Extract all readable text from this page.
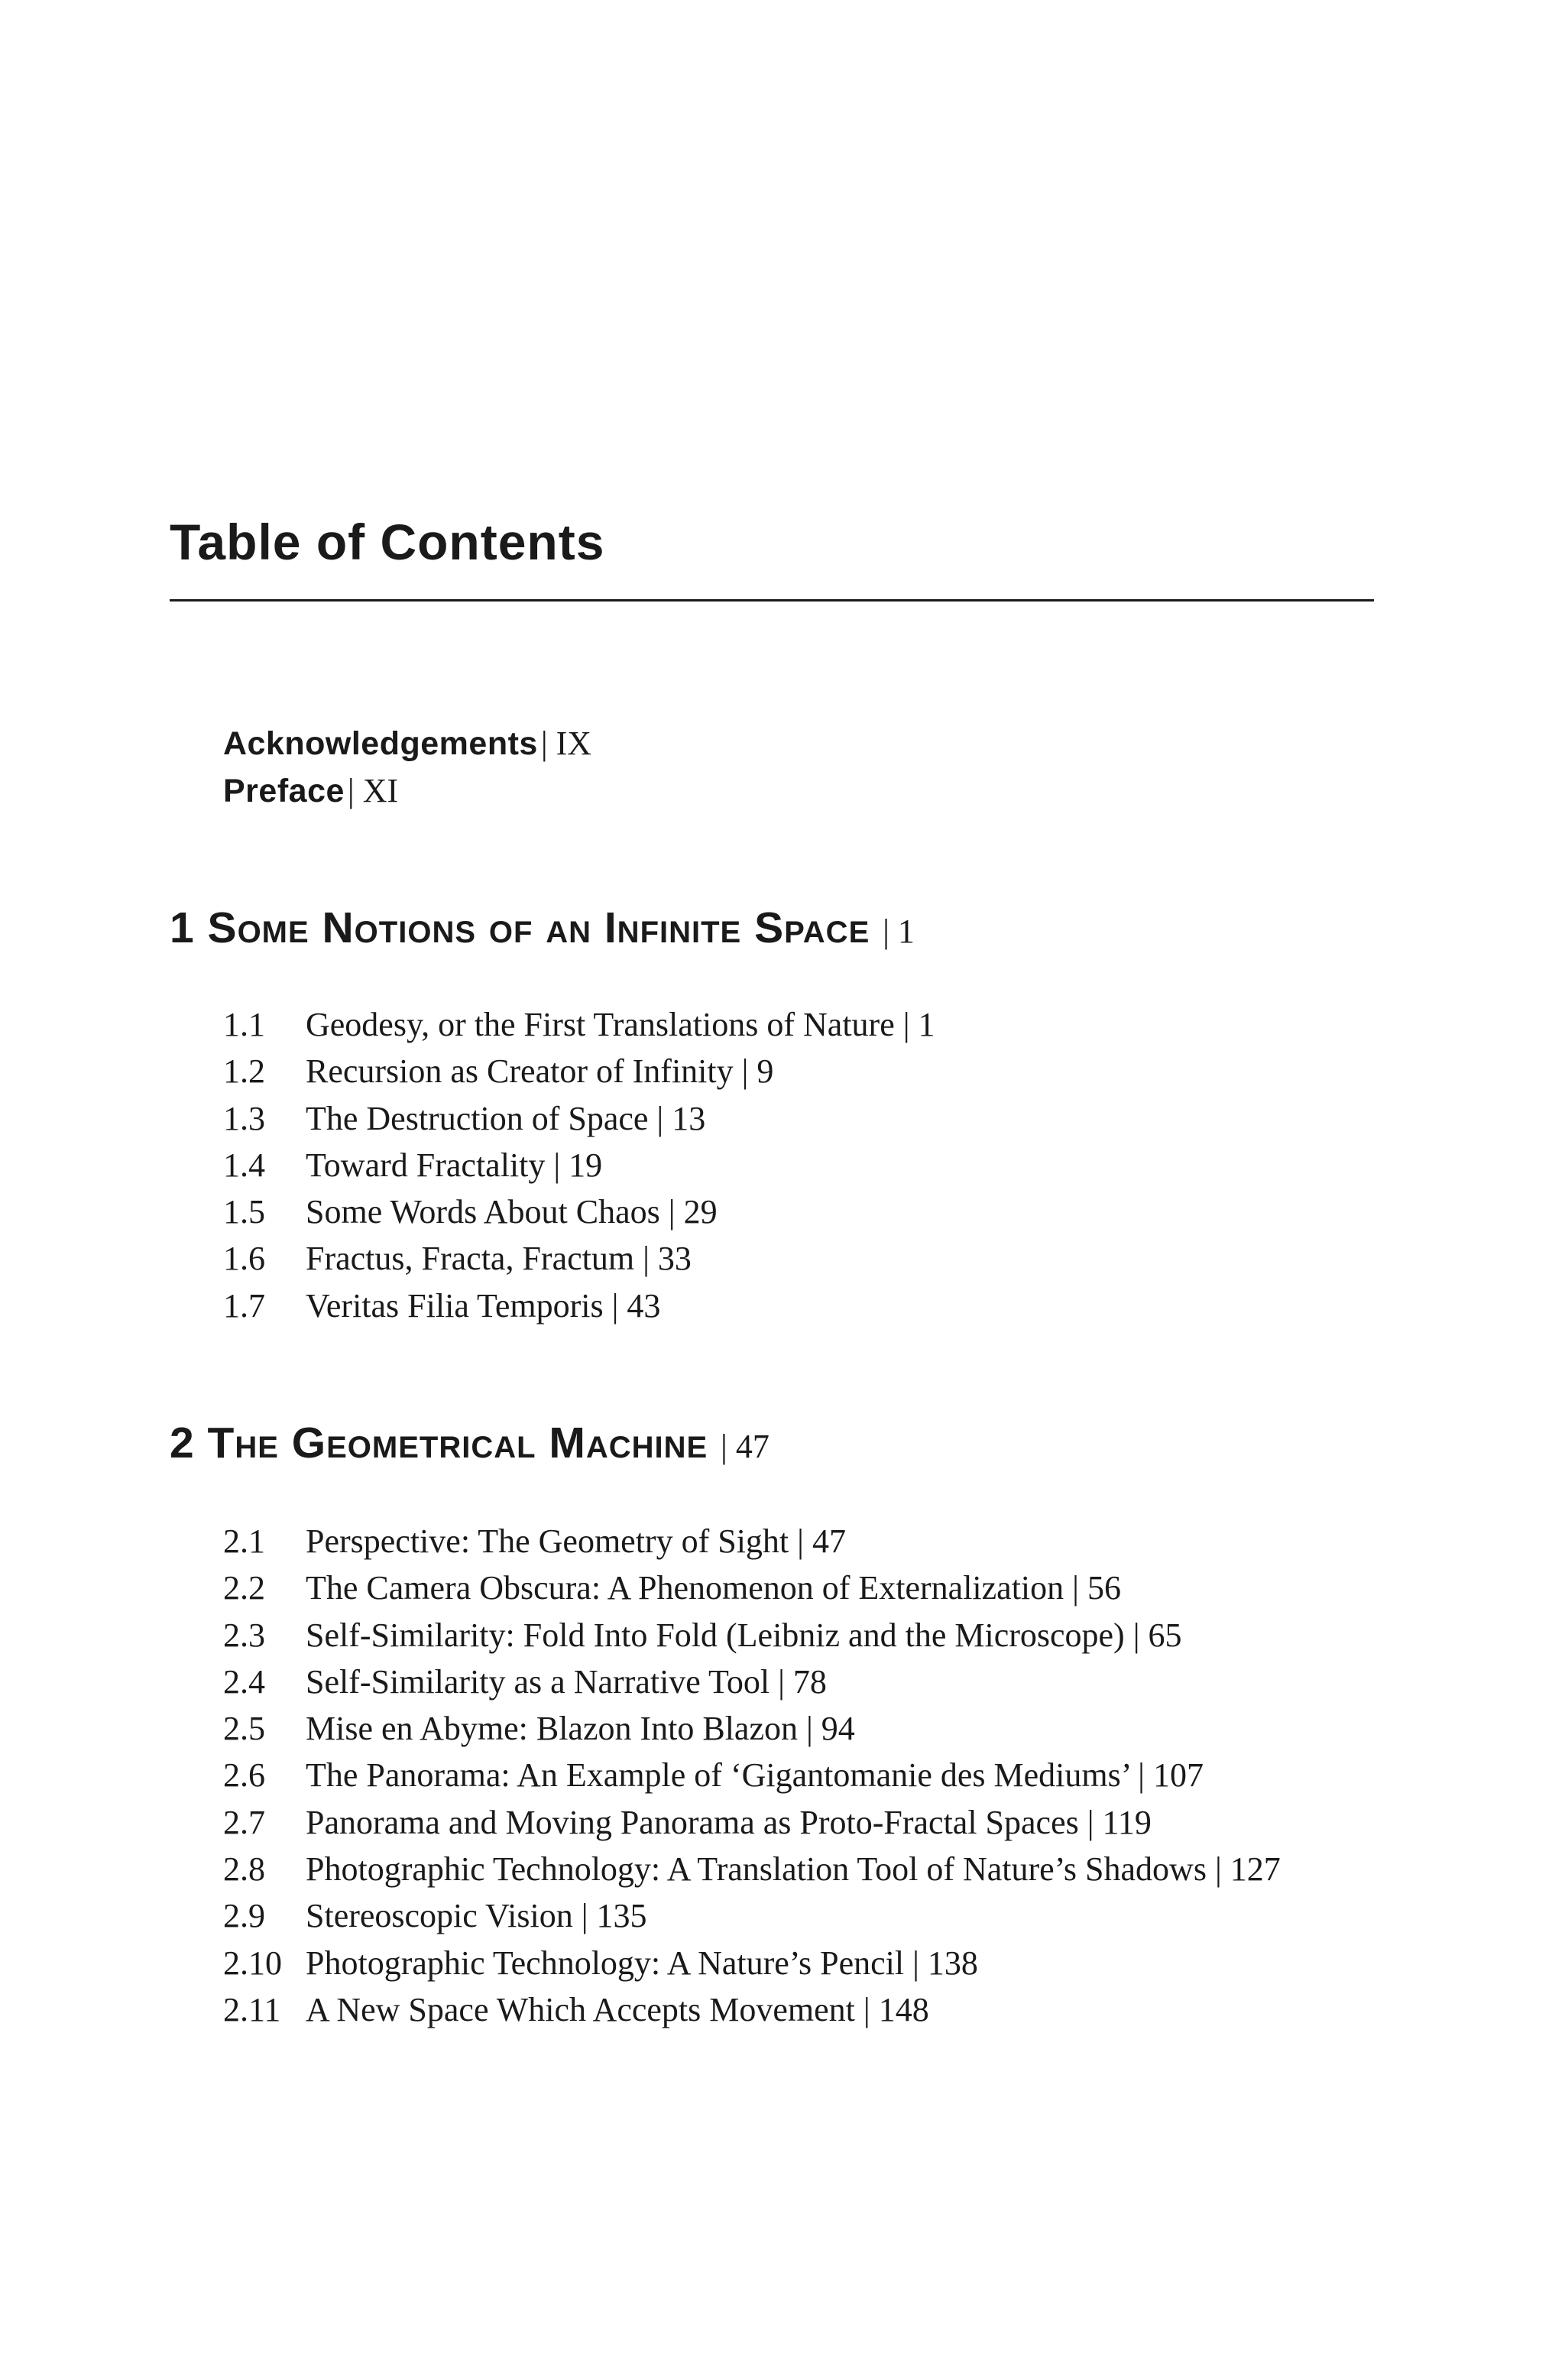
Table of Contents
Acknowledgements | IX
Preface | XI
1 Some Notions of an Infinite Space | 1
1.1 Geodesy, or the First Translations of Nature | 1
1.2 Recursion as Creator of Infinity | 9
1.3 The Destruction of Space | 13
1.4 Toward Fractality | 19
1.5 Some Words About Chaos | 29
1.6 Fractus, Fracta, Fractum | 33
1.7 Veritas Filia Temporis | 43
2 The Geometrical Machine | 47
2.1 Perspective: The Geometry of Sight | 47
2.2 The Camera Obscura: A Phenomenon of Externalization | 56
2.3 Self-Similarity: Fold Into Fold (Leibniz and the Microscope) | 65
2.4 Self-Similarity as a Narrative Tool | 78
2.5 Mise en Abyme: Blazon Into Blazon | 94
2.6 The Panorama: An Example of ‘Gigantomanie des Mediums’ | 107
2.7 Panorama and Moving Panorama as Proto-Fractal Spaces | 119
2.8 Photographic Technology: A Translation Tool of Nature’s Shadows | 127
2.9 Stereoscopic Vision | 135
2.10 Photographic Technology: A Nature’s Pencil | 138
2.11 A New Space Which Accepts Movement | 148
